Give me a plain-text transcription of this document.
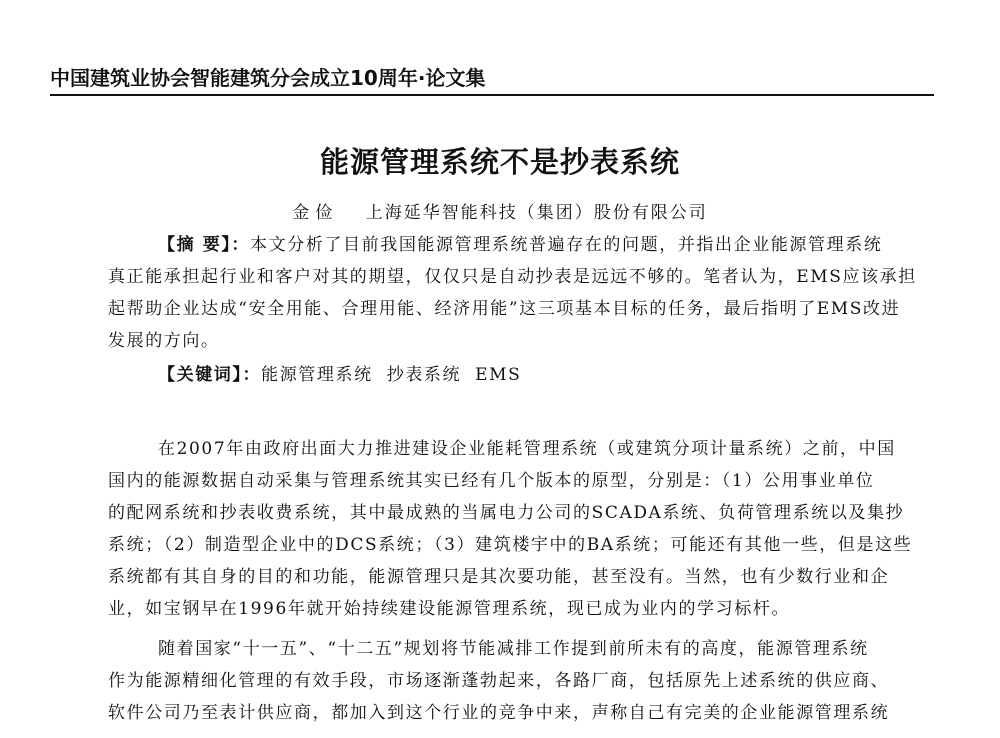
中国建筑业协会智能建筑分会成立10周年·论文集
能源管理系统不是抄表系统
金俭 上海延华智能科技（集团）股份有限公司
【摘 要】：本文分析了目前我国能源管理系统普遍存在的问题，并指出企业能源管理系统
真正能承担起行业和客户对其的期望，仅仅只是自动抄表是远远不够的。笔者认为，EMS应该承担
起帮助企业达成“安全用能、合理用能、经济用能”这三项基本目标的任务，最后指明了EMS改进
发展的方向。
【关键词】：能源管理系统  抄表系统  EMS
在2007年由政府出面大力推进建设企业能耗管理系统（或建筑分项计量系统）之前，中国
国内的能源数据自动采集与管理系统其实已经有几个版本的原型，分别是：（1）公用事业单位
的配网系统和抄表收费系统，其中最成熟的当属电力公司的SCADA系统、负荷管理系统以及集抄
系统；（2）制造型企业中的DCS系统；（3）建筑楼宇中的BA系统；可能还有其他一些，但是这些
系统都有其自身的目的和功能，能源管理只是其次要功能，甚至没有。当然，也有少数行业和企
业，如宝钢早在1996年就开始持续建设能源管理系统，现已成为业内的学习标杆。
随着国家“十一五”、“十二五”规划将节能减排工作提到前所未有的高度，能源管理系统
作为能源精细化管理的有效手段，市场逐渐蓬勃起来，各路厂商，包括原先上述系统的供应商、
软件公司乃至表计供应商，都加入到这个行业的竞争中来，声称自己有完美的企业能源管理系统
